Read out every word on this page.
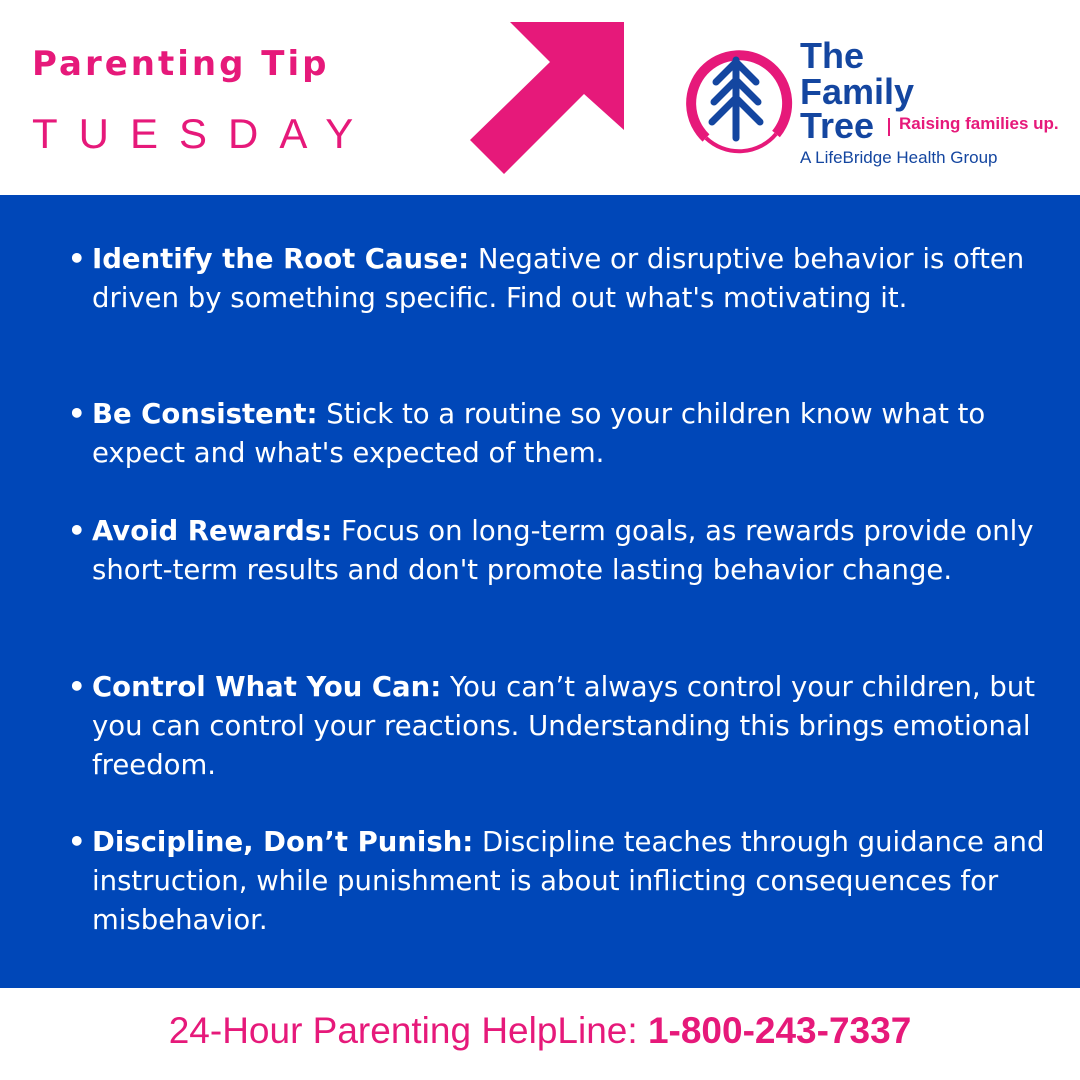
Parenting Tip
TUESDAY
The
Family
Tree Raising families up.
A LifeBridge Health Group
• Identify the Root Cause: Negative or disruptive behavior is often driven by something specific. Find out what's motivating it.
• Be Consistent: Stick to a routine so your children know what to expect and what's expected of them.
• Avoid Rewards: Focus on long-term goals, as rewards provide only short-term results and don't promote lasting behavior change.
• Control What You Can: You can’t always control your children, but you can control your reactions. Understanding this brings emotional freedom.
• Discipline, Don’t Punish: Discipline teaches through guidance and instruction, while punishment is about inflicting consequences for misbehavior.
24-Hour Parenting HelpLine: 1-800-243-7337
